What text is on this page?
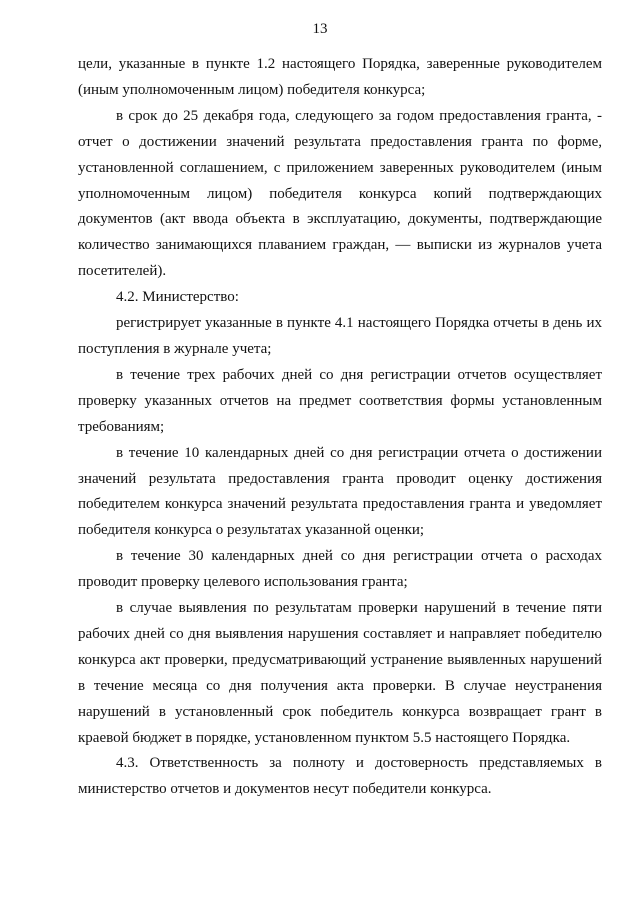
13

цели, указанные в пункте 1.2 настоящего Порядка, заверенные руководителем (иным уполномоченным лицом) победителя конкурса;

в срок до 25 декабря года, следующего за годом предоставления гранта, - отчет о достижении значений результата предоставления гранта по форме, установленной соглашением, с приложением заверенных руководителем (иным уполномоченным лицом) победителя конкурса копий подтверждающих документов (акт ввода объекта в эксплуатацию, документы, подтверждающие количество занимающихся плаванием граждан, — выписки из журналов учета посетителей).

4.2. Министерство:

регистрирует указанные в пункте 4.1 настоящего Порядка отчеты в день их поступления в журнале учета;

в течение трех рабочих дней со дня регистрации отчетов осуществляет проверку указанных отчетов на предмет соответствия формы установленным требованиям;

в течение 10 календарных дней со дня регистрации отчета о достижении значений результата предоставления гранта проводит оценку достижения победителем конкурса значений результата предоставления гранта и уведомляет победителя конкурса о результатах указанной оценки;

в течение 30 календарных дней со дня регистрации отчета о расходах проводит проверку целевого использования гранта;

в случае выявления по результатам проверки нарушений в течение пяти рабочих дней со дня выявления нарушения составляет и направляет победителю конкурса акт проверки, предусматривающий устранение выявленных нарушений в течение месяца со дня получения акта проверки. В случае неустранения нарушений в установленный срок победитель конкурса возвращает грант в краевой бюджет в порядке, установленном пунктом 5.5 настоящего Порядка.

4.3. Ответственность за полноту и достоверность представляемых в министерство отчетов и документов несут победители конкурса.
